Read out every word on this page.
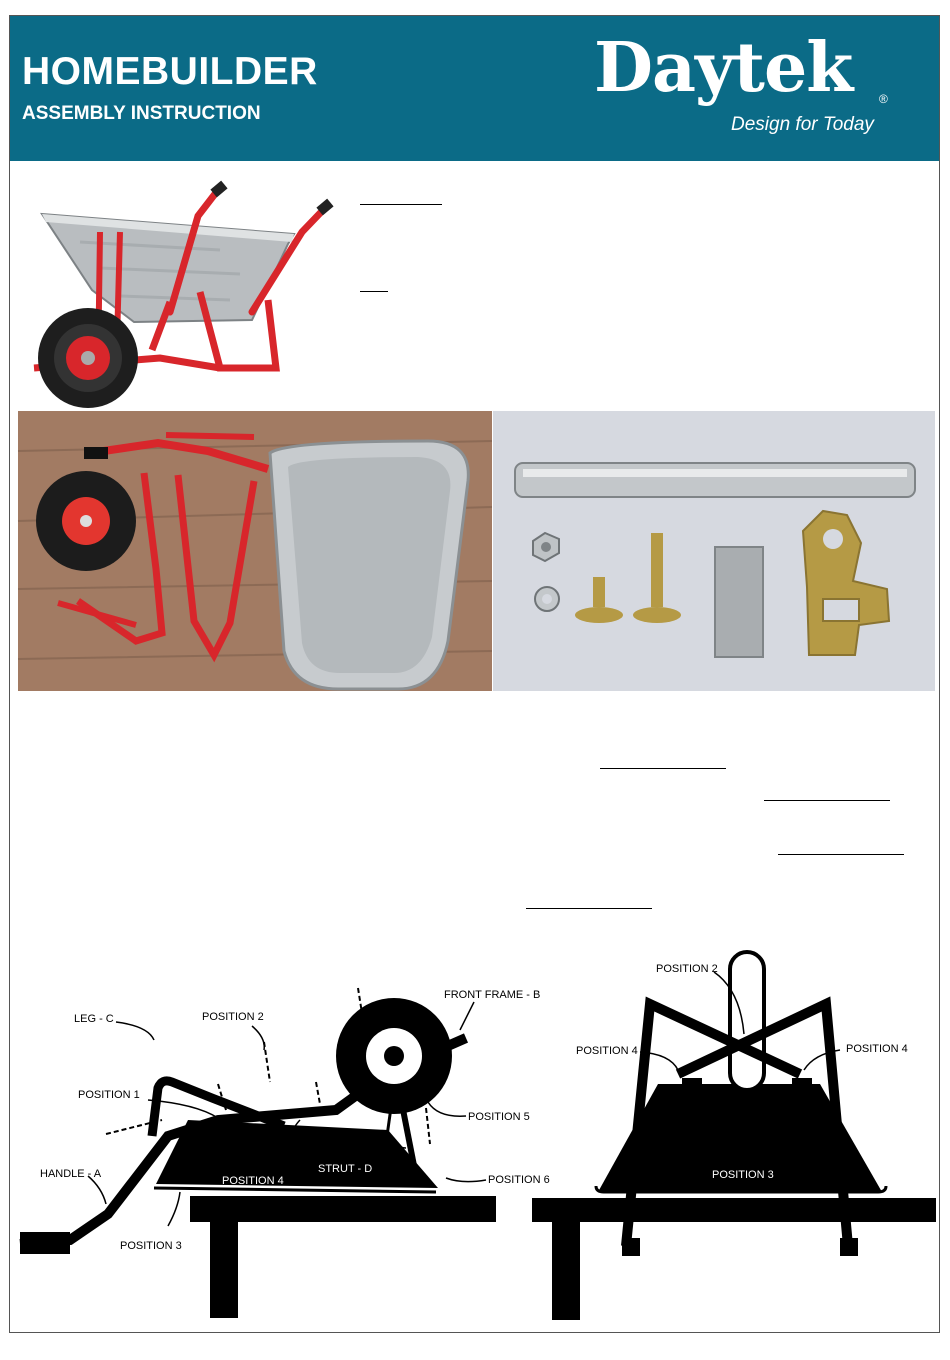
HOMEBUILDER
ASSEMBLY INSTRUCTION
Daytek ®
Design for Today
LEG - C	POSITION 2
FRONT FRAME - B
POSITION 1
POSITION 5
POSITION 4
STRUT - D
POSITION 6
HANDLE - A
POSITION 3
POSITION 2
POSITION 4	POSITION 4
POSITION 3
